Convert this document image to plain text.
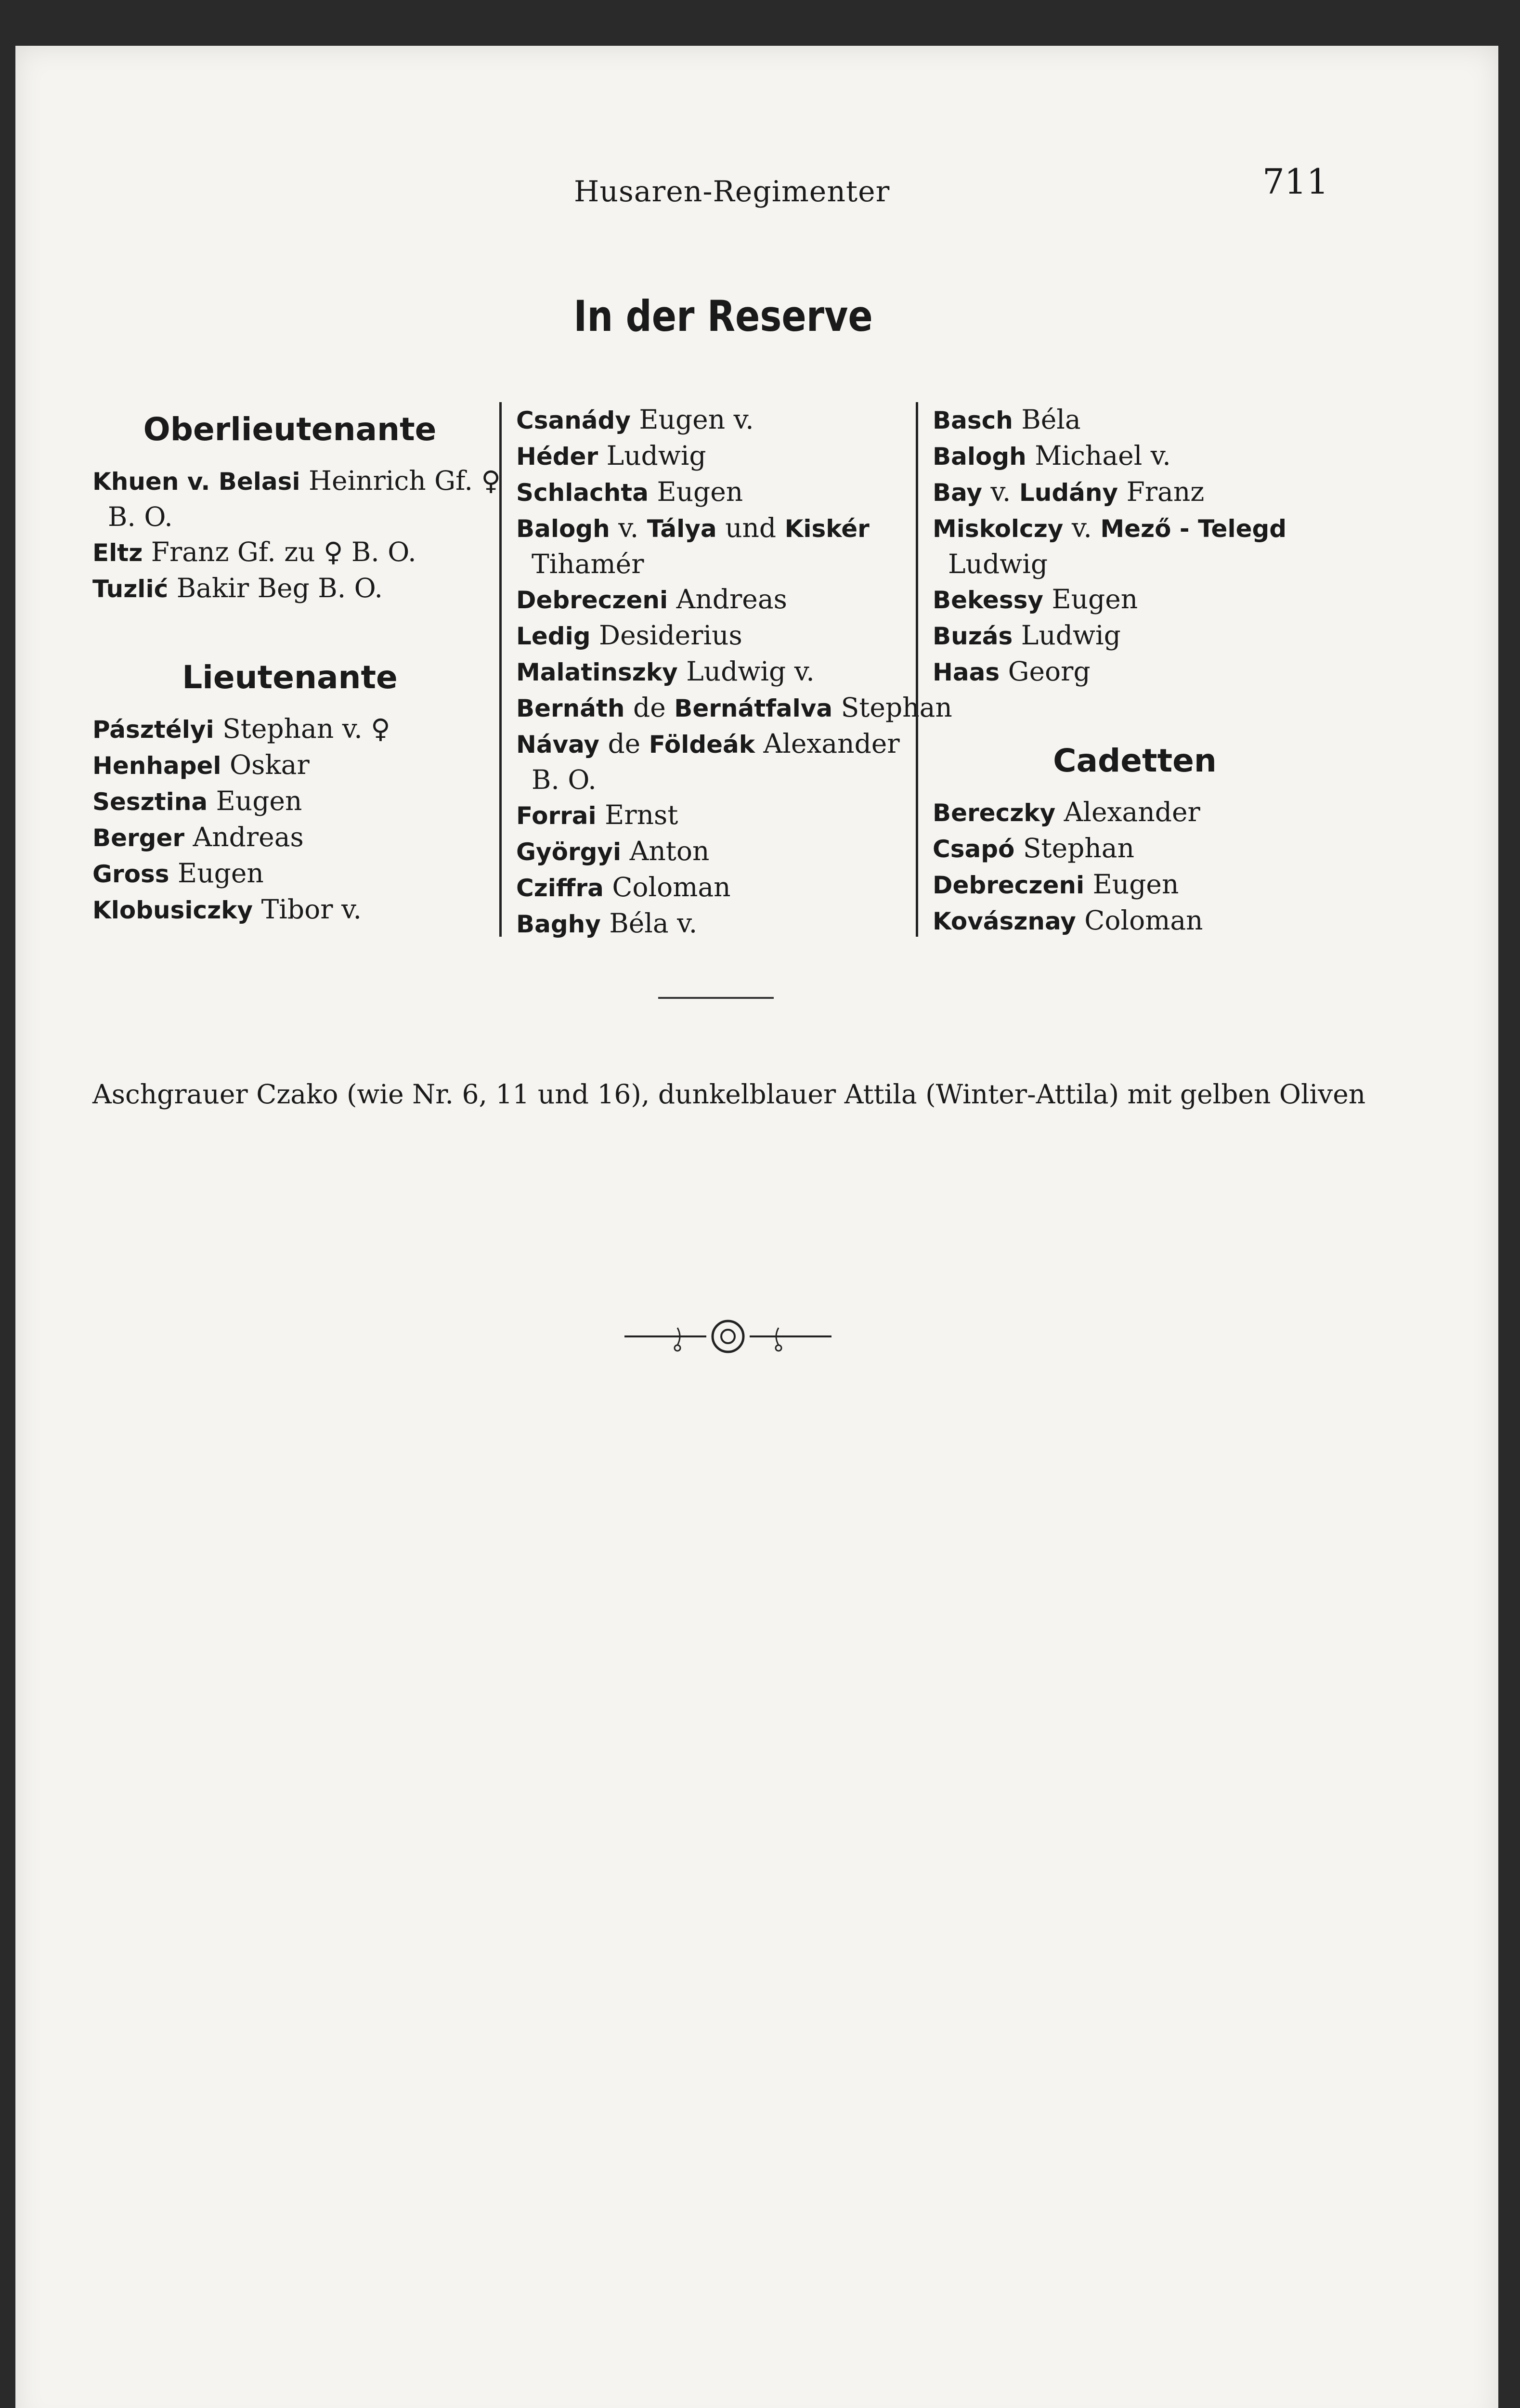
Husaren-Regimenter	711
In der Reserve
Oberlieutenante
Khuen v. Belasi Heinrich Gf. ♀
B. O.
Eltz Franz Gf. zu ♀ B. O.
Tuzlić Bakir Beg B. O.
Lieutenante
Pásztélyi Stephan v. ♀
Henhapel Oskar
Sesztina Eugen
Berger Andreas
Gross Eugen
Klobusiczky Tibor v.
Csanády Eugen v.
Héder Ludwig
Schlachta Eugen
Balogh v. Tálya und Kiskér
Tihamér
Debreczeni Andreas
Ledig Desiderius
Malatinszky Ludwig v.
Bernáth de Bernátfalva Stephan
Návay de Földeák Alexander
B. O.
Forrai Ernst
Györgyi Anton
Cziffra Coloman
Baghy Béla v.
Basch Béla
Balogh Michael v.
Bay v. Ludány Franz
Miskolczy v. Mező - Telegd
Ludwig
Bekessy Eugen
Buzás Ludwig
Haas Georg
Cadetten
Bereczky Alexander
Csapó Stephan
Debreczeni Eugen
Kovásznay Coloman
Aschgrauer Czako (wie Nr. 6, 11 und 16), dunkelblauer Attila (Winter-Attila) mit gelben Oliven
